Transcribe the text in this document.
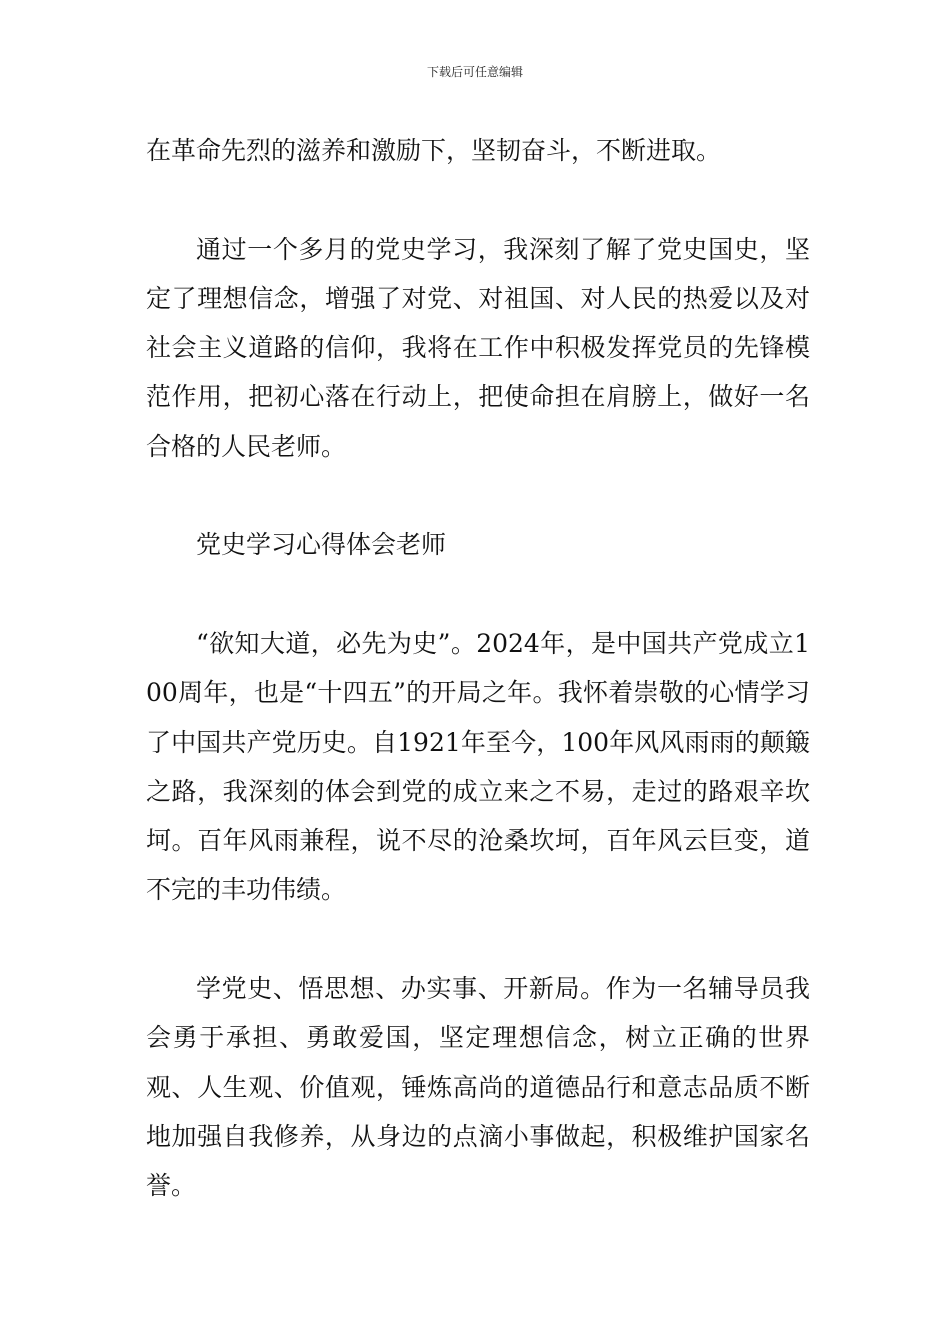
下载后可任意编辑

在革命先烈的滋养和激励下，坚韧奋斗，不断进取。

通过一个多月的党史学习，我深刻了解了党史国史，坚定了理想信念，增强了对党、对祖国、对人民的热爱以及对社会主义道路的信仰，我将在工作中积极发挥党员的先锋模范作用，把初心落在行动上，把使命担在肩膀上，做好一名合格的人民老师。

党史学习心得体会老师

“欲知大道，必先为史”。2024年，是中国共产党成立100周年，也是“十四五”的开局之年。我怀着崇敬的心情学习了中国共产党历史。自1921年至今，100年风风雨雨的颠簸之路，我深刻的体会到党的成立来之不易，走过的路艰辛坎坷。百年风雨兼程，说不尽的沧桑坎坷，百年风云巨变，道不完的丰功伟绩。

学党史、悟思想、办实事、开新局。作为一名辅导员我会勇于承担、勇敢爱国，坚定理想信念，树立正确的世界观、人生观、价值观，锤炼高尚的道德品行和意志品质不断地加强自我修养，从身边的点滴小事做起，积极维护国家名誉。
